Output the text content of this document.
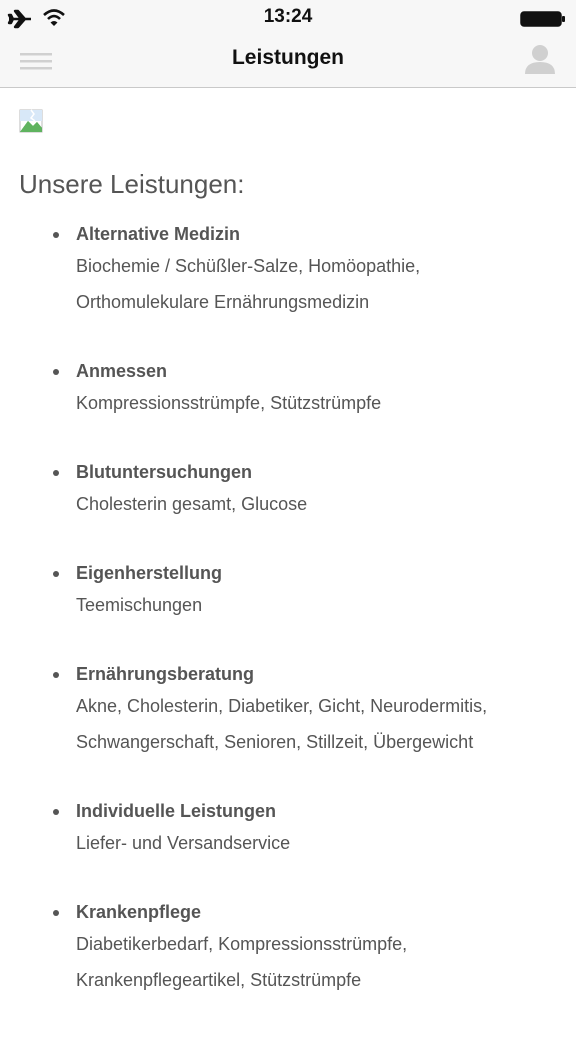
13:24
Leistungen
Unsere Leistungen:
Alternative Medizin
Biochemie / Schüßler-Salze, Homöopathie,
Orthomulekulare Ernährungsmedizin
Anmessen
Kompressionsstrümpfe, Stützstrümpfe
Blutuntersuchungen
Cholesterin gesamt, Glucose
Eigenherstellung
Teemischungen
Ernährungsberatung
Akne, Cholesterin, Diabetiker, Gicht, Neurodermitis,
Schwangerschaft, Senioren, Stillzeit, Übergewicht
Individuelle Leistungen
Liefer- und Versandservice
Krankenpflege
Diabetikerbedarf, Kompressionsstrümpfe,
Krankenpflegeartikel, Stützstrümpfe
